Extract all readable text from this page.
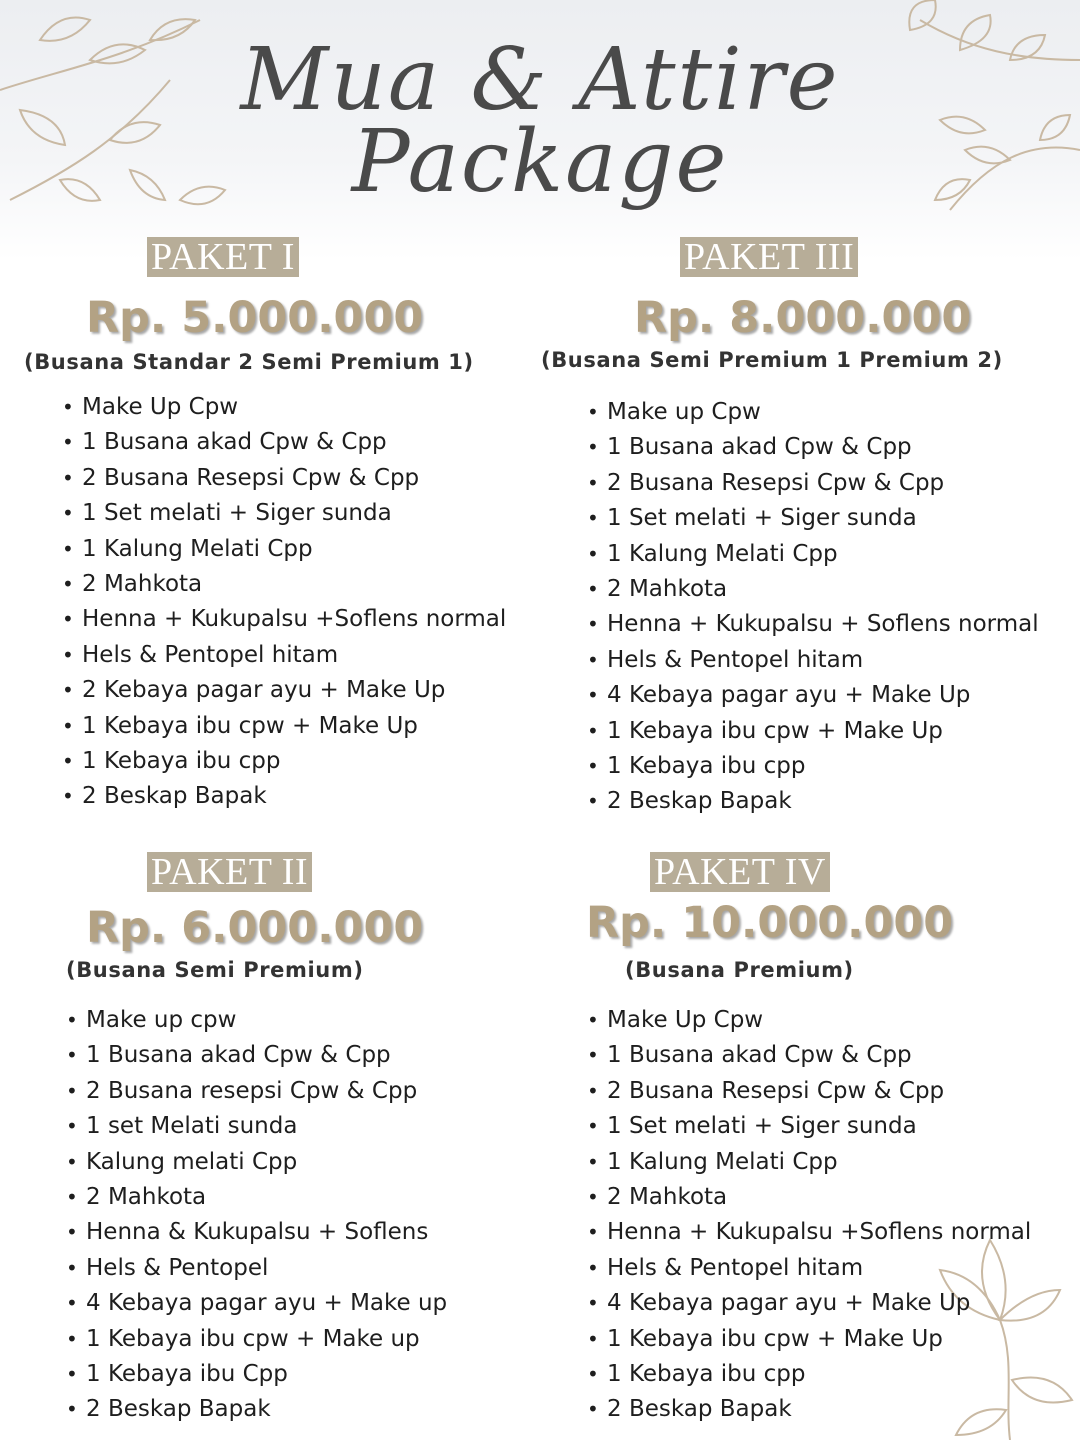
Mua & Attire
Package
PAKET I
Rp. 5.000.000
(Busana Standar 2 Semi Premium 1)
• Make Up Cpw
• 1 Busana akad Cpw & Cpp
• 2 Busana Resepsi Cpw & Cpp
• 1 Set melati + Siger sunda
• 1 Kalung Melati Cpp
• 2 Mahkota
• Henna + Kukupalsu +Soflens normal
• Hels & Pentopel hitam
• 2 Kebaya pagar ayu + Make Up
• 1 Kebaya ibu cpw + Make Up
• 1 Kebaya ibu cpp
• 2 Beskap Bapak
PAKET III
Rp. 8.000.000
(Busana Semi Premium 1 Premium 2)
• Make up Cpw
• 1 Busana akad Cpw & Cpp
• 2 Busana Resepsi Cpw & Cpp
• 1 Set melati + Siger sunda
• 1 Kalung Melati Cpp
• 2 Mahkota
• Henna + Kukupalsu + Soflens normal
• Hels & Pentopel hitam
• 4 Kebaya pagar ayu + Make Up
• 1 Kebaya ibu cpw + Make Up
• 1 Kebaya ibu cpp
• 2 Beskap Bapak
PAKET II
Rp. 6.000.000
(Busana Semi Premium)
• Make up cpw
• 1 Busana akad Cpw & Cpp
• 2 Busana resepsi Cpw & Cpp
• 1 set Melati sunda
• Kalung melati Cpp
• 2 Mahkota
• Henna & Kukupalsu + Soflens
• Hels & Pentopel
• 4 Kebaya pagar ayu + Make up
• 1 Kebaya ibu cpw + Make up
• 1 Kebaya ibu Cpp
• 2 Beskap Bapak
PAKET IV
Rp. 10.000.000
(Busana Premium)
• Make Up Cpw
• 1 Busana akad Cpw & Cpp
• 2 Busana Resepsi Cpw & Cpp
• 1 Set melati + Siger sunda
• 1 Kalung Melati Cpp
• 2 Mahkota
• Henna + Kukupalsu +Soflens normal
• Hels & Pentopel hitam
• 4 Kebaya pagar ayu + Make Up
• 1 Kebaya ibu cpw + Make Up
• 1 Kebaya ibu cpp
• 2 Beskap Bapak
